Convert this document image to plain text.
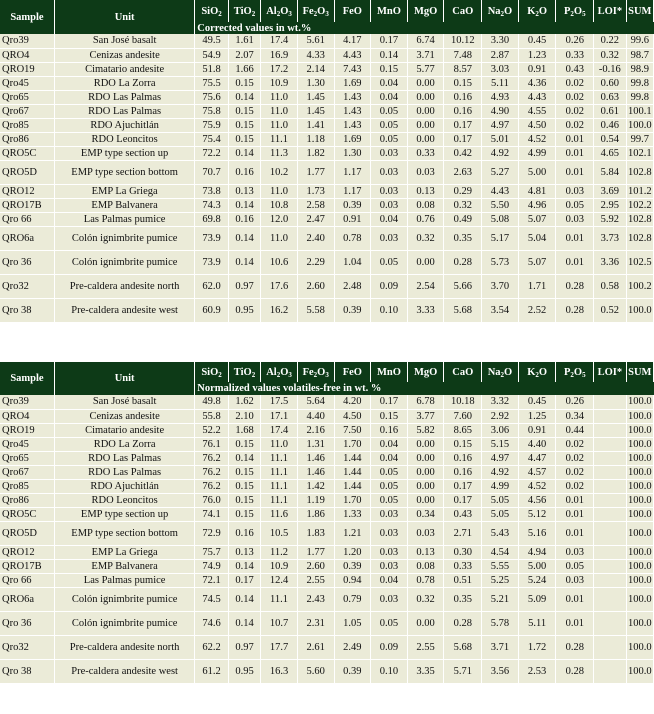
Sample	Unit	SiO$_2$	TiO$_2$	$Al_2O_3$	$Fe_2O_3$	FeO	MnO	MgO	CaO	$Na_2O$	$K_2O$	$P_2O_5$	LOI*	SUM
		Corrected values in wt.%												
Qro39	San José basalt	49.5	1.61	17.4	5.61	4.17	0.17	6.74	10.12	3.30	0.45	0.26	0.22	99.6
QRO4	Cenizas andesite	54.9	2.07	16.9	4.33	4.43	0.14	3.71	7.48	2.87	1.23	0.33	0.32	98.7
QRO19	Cimatario andesite	51.8	1.66	17.2	2.14	7.43	0.15	5.77	8.57	3.03	0.91	0.43	-0.16	98.9
Qro45	RDO La Zorra	75.5	0.15	10.9	1.30	1.69	0.04	0.00	0.15	5.11	4.36	0.02	0.60	99.8
Qro65	RDO Las Palmas	75.6	0.14	11.0	1.45	1.43	0.04	0.00	0.16	4.93	4.43	0.02	0.63	99.8
Qro67	RDO Las Palmas	75.8	0.15	11.0	1.45	1.43	0.05	0.00	0.16	4.90	4.55	0.02	0.61	100.1
Qro85	RDO Ajuchitlán	75.9	0.15	11.0	1.41	1.43	0.05	0.00	0.17	4.97	4.50	0.02	0.46	100.0
Qro86	RDO Leoncitos	75.4	0.15	11.1	1.18	1.69	0.05	0.00	0.17	5.01	4.52	0.01	0.54	99.7
QRO5C	EMP type section up	72.2	0.14	11.3	1.82	1.30	0.03	0.33	0.42	4.92	4.99	0.01	4.65	102.1
QRO5D	EMP type section bottom	70.7	0.16	10.2	1.77	1.17	0.03	0.03	2.63	5.27	5.00	0.01	5.84	102.8
QRO12	EMP La Griega	73.8	0.13	11.0	1.73	1.17	0.03	0.13	0.29	4.43	4.81	0.03	3.69	101.2
QRO17B	EMP Balvanera	74.3	0.14	10.8	2.58	0.39	0.03	0.08	0.32	5.50	4.96	0.05	2.95	102.2
Qro 66	Las Palmas pumice	69.8	0.16	12.0	2.47	0.91	0.04	0.76	0.49	5.08	5.07	0.03	5.92	102.8
QRO6a	Colón ignimbrite pumice	73.9	0.14	11.0	2.40	0.78	0.03	0.32	0.35	5.17	5.04	0.01	3.73	102.8
Qro 36	Colón ignimbrite pumice	73.9	0.14	10.6	2.29	1.04	0.05	0.00	0.28	5.73	5.07	0.01	3.36	102.5
Qro32	Pre-caldera andesite north	62.0	0.97	17.6	2.60	2.48	0.09	2.54	5.66	3.70	1.71	0.28	0.58	100.2
Qro 38	Pre-caldera andesite west	60.9	0.95	16.2	5.58	0.39	0.10	3.33	5.68	3.54	2.52	0.28	0.52	100.0
Sample	Unit	SiO$_2$	TiO$_2$	$Al_2O_3$	$Fe_2O_3$	FeO	MnO	MgO	CaO	$Na_2O$	$K_2O$	$P_2O_5$	LOI*	SUM
		Normalized values volatiles-free in wt. %												
Qro39	San José basalt	49.8	1.62	17.5	5.64	4.20	0.17	6.78	10.18	3.32	0.45	0.26		100.0
QRO4	Cenizas andesite	55.8	2.10	17.1	4.40	4.50	0.15	3.77	7.60	2.92	1.25	0.34		100.0
QRO19	Cimatario andesite	52.2	1.68	17.4	2.16	7.50	0.16	5.82	8.65	3.06	0.91	0.44		100.0
Qro45	RDO La Zorra	76.1	0.15	11.0	1.31	1.70	0.04	0.00	0.15	5.15	4.40	0.02		100.0
Qro65	RDO Las Palmas	76.2	0.14	11.1	1.46	1.44	0.04	0.00	0.16	4.97	4.47	0.02		100.0
Qro67	RDO Las Palmas	76.2	0.15	11.1	1.46	1.44	0.05	0.00	0.16	4.92	4.57	0.02		100.0
Qro85	RDO Ajuchitlán	76.2	0.15	11.1	1.42	1.44	0.05	0.00	0.17	4.99	4.52	0.02		100.0
Qro86	RDO Leoncitos	76.0	0.15	11.1	1.19	1.70	0.05	0.00	0.17	5.05	4.56	0.01		100.0
QRO5C	EMP type section up	74.1	0.15	11.6	1.86	1.33	0.03	0.34	0.43	5.05	5.12	0.01		100.0
QRO5D	EMP type section bottom	72.9	0.16	10.5	1.83	1.21	0.03	0.03	2.71	5.43	5.16	0.01		100.0
QRO12	EMP La Griega	75.7	0.13	11.2	1.77	1.20	0.03	0.13	0.30	4.54	4.94	0.03		100.0
QRO17B	EMP Balvanera	74.9	0.14	10.9	2.60	0.39	0.03	0.08	0.33	5.55	5.00	0.05		100.0
Qro 66	Las Palmas pumice	72.1	0.17	12.4	2.55	0.94	0.04	0.78	0.51	5.25	5.24	0.03		100.0
QRO6a	Colón ignimbrite pumice	74.5	0.14	11.1	2.43	0.79	0.03	0.32	0.35	5.21	5.09	0.01		100.0
Qro 36	Colón ignimbrite pumice	74.6	0.14	10.7	2.31	1.05	0.05	0.00	0.28	5.78	5.11	0.01		100.0
Qro32	Pre-caldera andesite north	62.2	0.97	17.7	2.61	2.49	0.09	2.55	5.68	3.71	1.72	0.28		100.0
Qro 38	Pre-caldera andesite west	61.2	0.95	16.3	5.60	0.39	0.10	3.35	5.71	3.56	2.53	0.28		100.0
